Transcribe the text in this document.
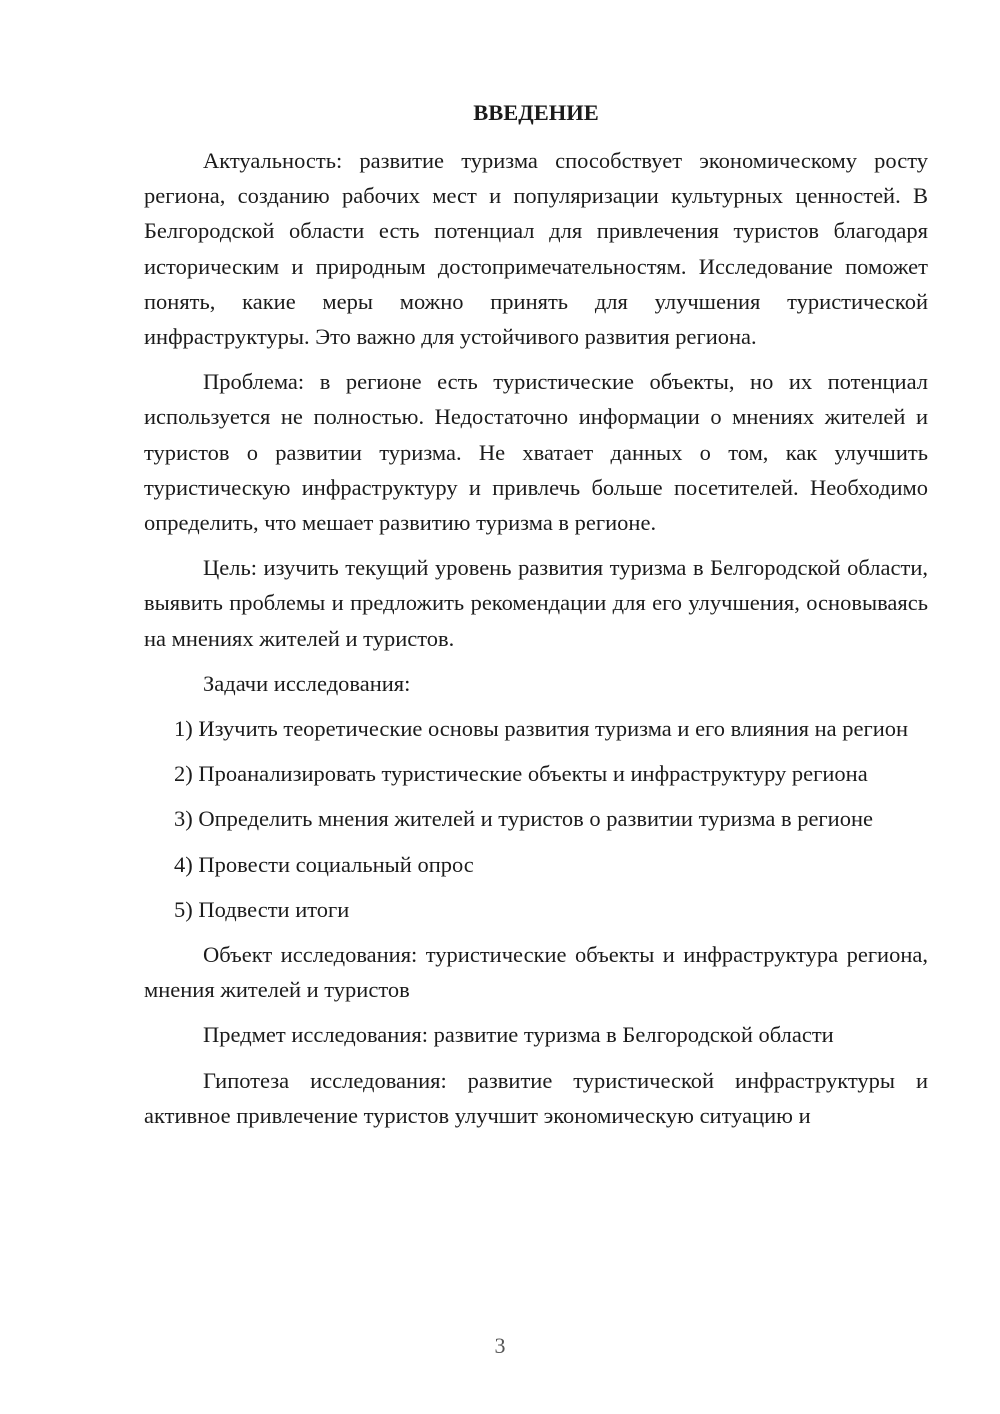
ВВЕДЕНИЕ

Актуальность: развитие туризма способствует экономическому росту региона, созданию рабочих мест и популяризации культурных ценностей. В Белгородской области есть потенциал для привлечения туристов благодаря историческим и природным достопримечательностям. Исследование поможет понять, какие меры можно принять для улучшения туристической инфраструктуры. Это важно для устойчивого развития региона.

Проблема: в регионе есть туристические объекты, но их потенциал используется не полностью. Недостаточно информации о мнениях жителей и туристов о развитии туризма. Не хватает данных о том, как улучшить туристическую инфраструктуру и привлечь больше посетителей. Необходимо определить, что мешает развитию туризма в регионе.

Цель: изучить текущий уровень развития туризма в Белгородской области, выявить проблемы и предложить рекомендации для его улучшения, основываясь на мнениях жителей и туристов.

Задачи исследования:

1) Изучить теоретические основы развития туризма и его влияния на регион

2) Проанализировать туристические объекты и инфраструктуру региона

3) Определить мнения жителей и туристов о развитии туризма в регионе

4) Провести социальный опрос

5) Подвести итоги

Объект исследования: туристические объекты и инфраструктура региона, мнения жителей и туристов

Предмет исследования: развитие туризма в Белгородской области

Гипотеза исследования: развитие туристической инфраструктуры и активное привлечение туристов улучшит экономическую ситуацию и

3
